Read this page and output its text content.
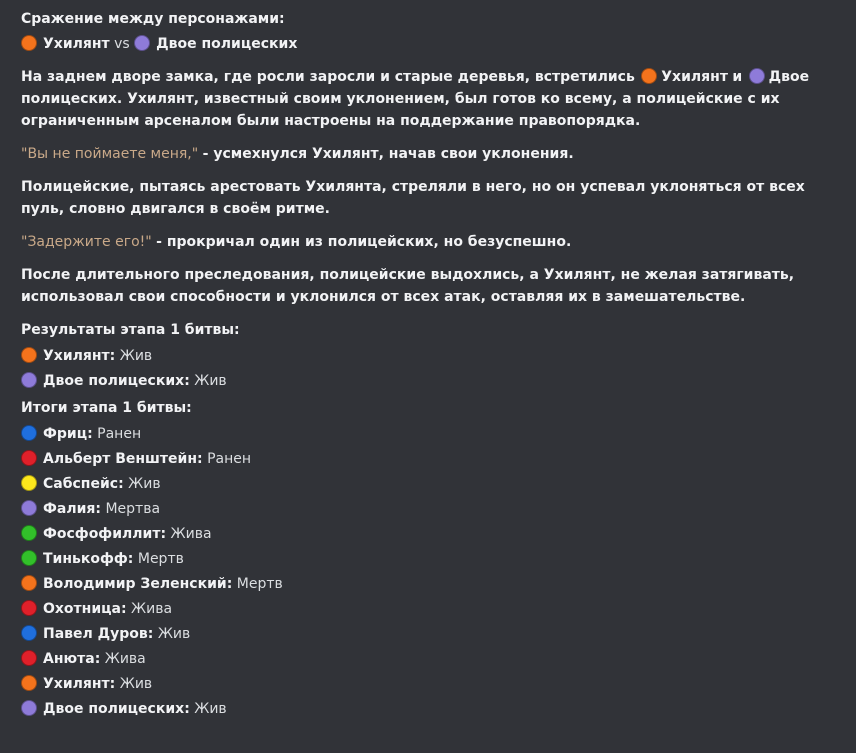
Сражение между персонажами:
Ухилянт vs Двое полицеских

На заднем дворе замка, где росли заросли и старые деревья, встретились Ухилянт и Двое полицеских. Ухилянт, известный своим уклонением, был готов ко всему, а полицейские с их ограниченным арсеналом были настроены на поддержание правопорядка.

"Вы не поймаете меня," - усмехнулся Ухилянт, начав свои уклонения.

Полицейские, пытаясь арестовать Ухилянта, стреляли в него, но он успевал уклоняться от всех пуль, словно двигался в своём ритме.

"Задержите его!" - прокричал один из полицейских, но безуспешно.

После длительного преследования, полицейские выдохлись, а Ухилянт, не желая затягивать, использовал свои способности и уклонился от всех атак, оставляя их в замешательстве.

Результаты этапа 1 битвы:
Ухилянт: Жив
Двое полицеских: Жив
Итоги этапа 1 битвы:
Фриц: Ранен
Альберт Венштейн: Ранен
Сабспейс: Жив
Фалия: Мертва
Фосфофиллит: Жива
Тинькофф: Мертв
Володимир Зеленский: Мертв
Охотница: Жива
Павел Дуров: Жив
Анюта: Жива
Ухилянт: Жив
Двое полицеских: Жив
